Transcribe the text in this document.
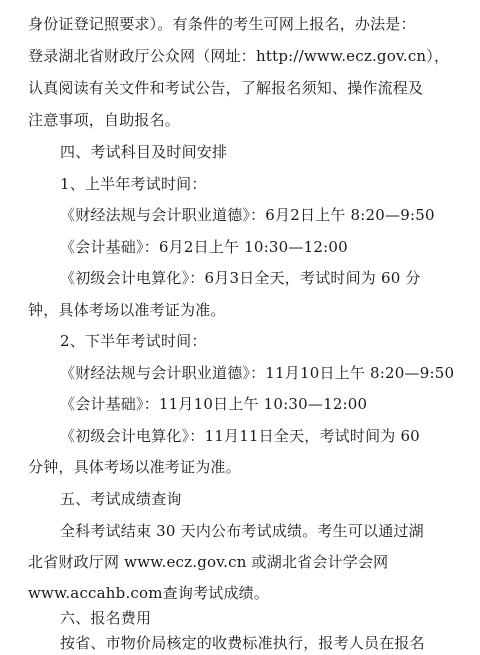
身份证登记照要求）。有条件的考生可网上报名，办法是：
登录湖北省财政厅公众网（网址：http://www.ecz.gov.cn），
认真阅读有关文件和考试公告，了解报名须知、操作流程及
注意事项，自助报名。
四、考试科目及时间安排
1、上半年考试时间：
《财经法规与会计职业道德》：6月2日上午 8:20—9:50
《会计基础》：6月2日上午 10:30—12:00
《初级会计电算化》：6月3日全天，考试时间为 60 分
钟，具体考场以准考证为准。
2、下半年考试时间：
《财经法规与会计职业道德》：11月10日上午 8:20—9:50
《会计基础》：11月10日上午 10:30—12:00
《初级会计电算化》：11月11日全天，考试时间为 60
分钟，具体考场以准考证为准。
五、考试成绩查询
全科考试结束 30 天内公布考试成绩。考生可以通过湖
北省财政厅网 www.ecz.gov.cn 或湖北省会计学会网
www.accahb.com查询考试成绩。
六、报名费用
按省、市物价局核定的收费标准执行，报考人员在报名
